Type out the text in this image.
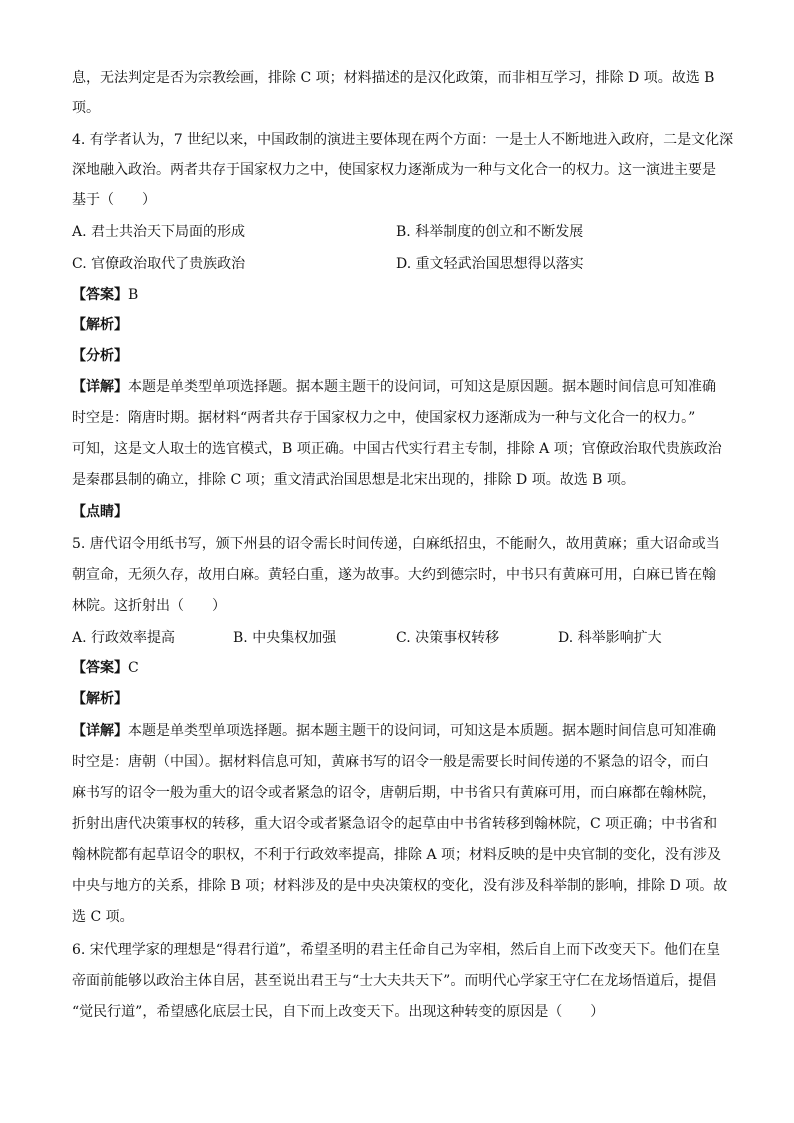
息，无法判定是否为宗教绘画，排除 C 项；材料描述的是汉化政策，而非相互学习，排除 D 项。故选 B
项。
4. 有学者认为，7 世纪以来，中国政制的演进主要体现在两个方面：一是士人不断地进入政府，二是文化深
深地融入政治。两者共存于国家权力之中，使国家权力逐渐成为一种与文化合一的权力。这一演进主要是
基于（　　）
A. 君士共治天下局面的形成	B. 科举制度的创立和不断发展
C. 官僚政治取代了贵族政治	D. 重文轻武治国思想得以落实
【答案】B
【解析】
【分析】
【详解】本题是单类型单项选择题。据本题主题干的设问词，可知这是原因题。据本题时间信息可知准确
时空是：隋唐时期。据材料“两者共存于国家权力之中，使国家权力逐渐成为一种与文化合一的权力。”
可知，这是文人取士的选官模式，B 项正确。中国古代实行君主专制，排除 A 项；官僚政治取代贵族政治
是秦郡县制的确立，排除 C 项；重文清武治国思想是北宋出现的，排除 D 项。故选 B 项。
【点睛】
5. 唐代诏令用纸书写，颁下州县的诏令需长时间传递，白麻纸招虫，不能耐久，故用黄麻；重大诏命或当
朝宣命，无须久存，故用白麻。黄轻白重，遂为故事。大约到德宗时，中书只有黄麻可用，白麻已皆在翰
林院。这折射出（　　）
A. 行政效率提高	B. 中央集权加强	C. 决策事权转移	D. 科举影响扩大
【答案】C
【解析】
【详解】本题是单类型单项选择题。据本题主题干的设问词，可知这是本质题。据本题时间信息可知准确
时空是：唐朝（中国）。据材料信息可知，黄麻书写的诏令一般是需要长时间传递的不紧急的诏令，而白
麻书写的诏令一般为重大的诏令或者紧急的诏令，唐朝后期，中书省只有黄麻可用，而白麻都在翰林院，
折射出唐代决策事权的转移，重大诏令或者紧急诏令的起草由中书省转移到翰林院，C 项正确；中书省和
翰林院都有起草诏令的职权，不利于行政效率提高，排除 A 项；材料反映的是中央官制的变化，没有涉及
中央与地方的关系，排除 B 项；材料涉及的是中央决策权的变化，没有涉及科举制的影响，排除 D 项。故
选 C 项。
6. 宋代理学家的理想是“得君行道”，希望圣明的君主任命自己为宰相，然后自上而下改变天下。他们在皇
帝面前能够以政治主体自居，甚至说出君王与“士大夫共天下”。而明代心学家王守仁在龙场悟道后，提倡
“觉民行道”，希望感化底层士民，自下而上改变天下。出现这种转变的原因是（　　）
